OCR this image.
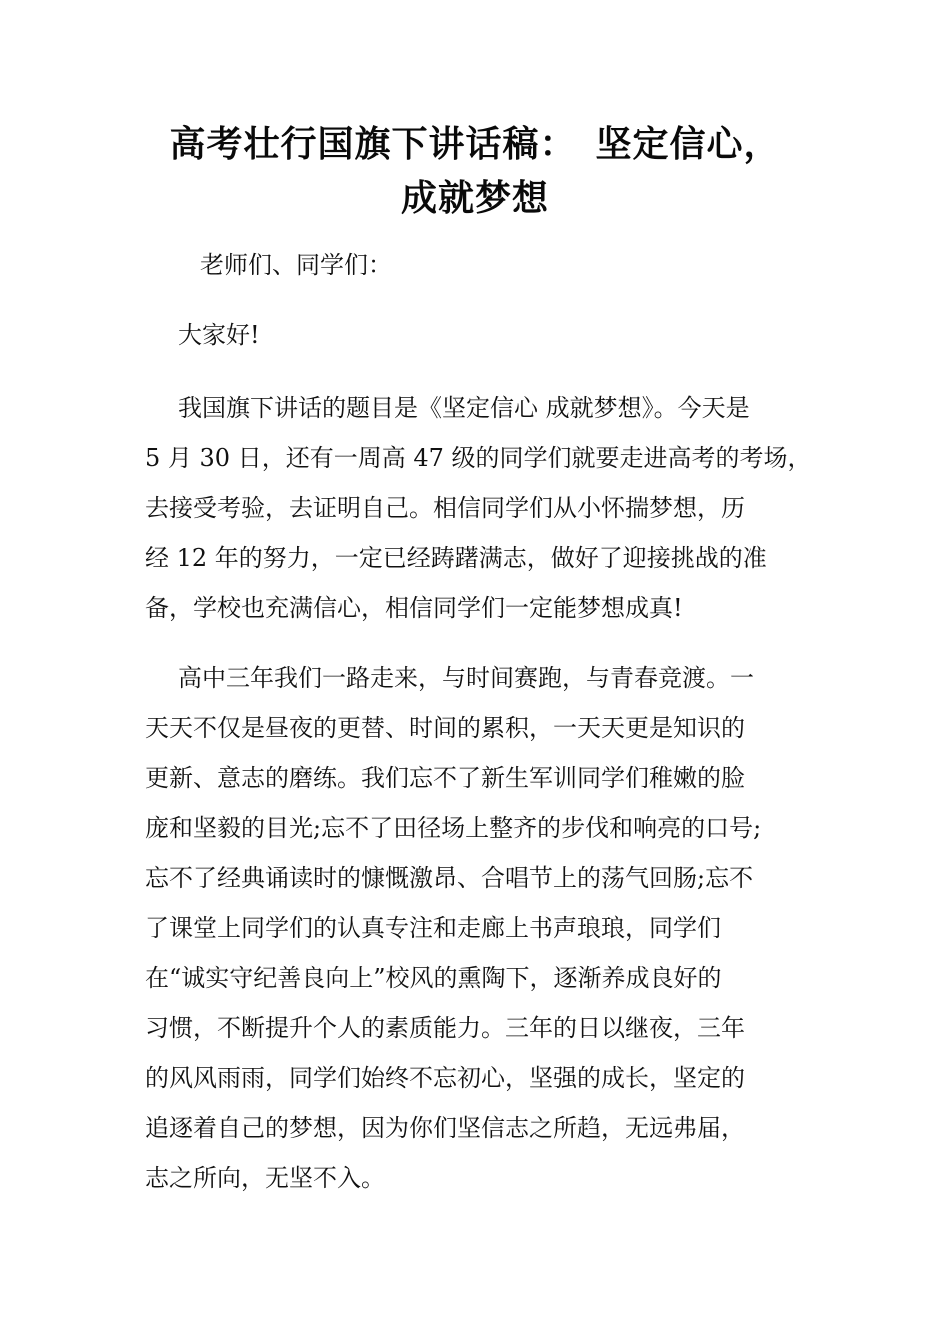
高考壮行国旗下讲话稿：　坚定信心，
成就梦想

老师们、同学们：

大家好!

我国旗下讲话的题目是《坚定信心 成就梦想》。今天是
5 月 30 日，还有一周高 47 级的同学们就要走进高考的考场，
去接受考验，去证明自己。相信同学们从小怀揣梦想，历
经 12 年的努力，一定已经踌躇满志，做好了迎接挑战的准
备，学校也充满信心，相信同学们一定能梦想成真!
高中三年我们一路走来，与时间赛跑，与青春竞渡。一
天天不仅是昼夜的更替、时间的累积，一天天更是知识的
更新、意志的磨练。我们忘不了新生军训同学们稚嫩的脸
庞和坚毅的目光;忘不了田径场上整齐的步伐和响亮的口号;
忘不了经典诵读时的慷慨激昂、合唱节上的荡气回肠;忘不
了课堂上同学们的认真专注和走廊上书声琅琅，同学们
在“诚实守纪善良向上”校风的熏陶下，逐渐养成良好的
习惯，不断提升个人的素质能力。三年的日以继夜，三年
的风风雨雨，同学们始终不忘初心，坚强的成长，坚定的
追逐着自己的梦想，因为你们坚信志之所趋，无远弗届，
志之所向，无坚不入。
